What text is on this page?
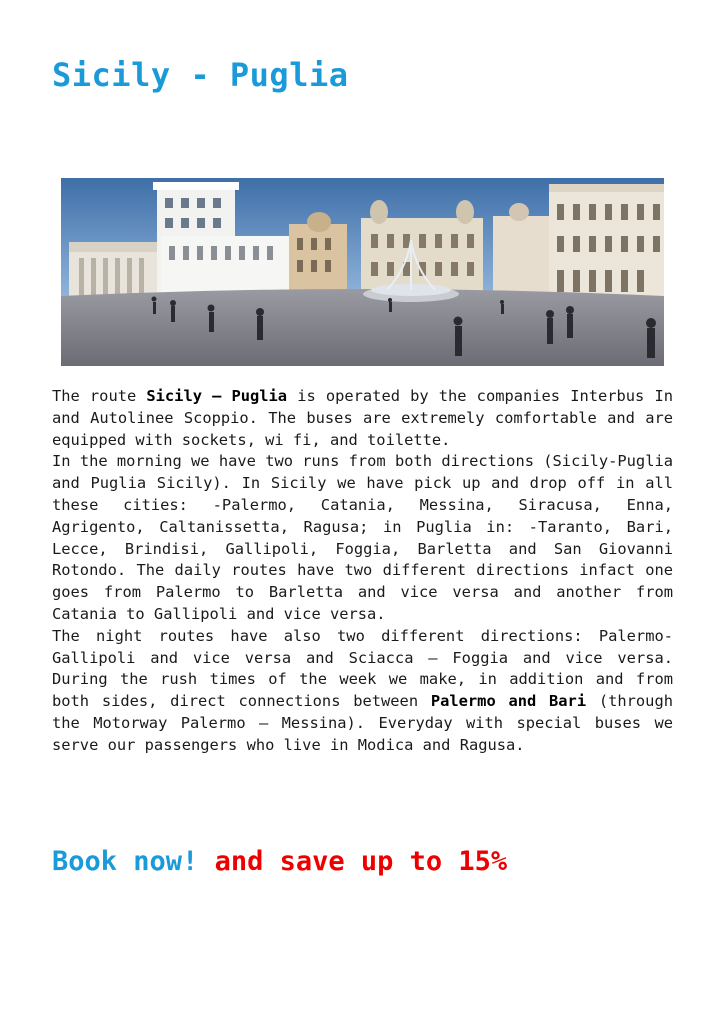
Sicily - Puglia

The route Sicily – Puglia is operated by the companies Interbus In and Autolinee Scoppio. The buses are extremely comfortable and are equipped with sockets, wi fi, and toilette.

In the morning we have two runs from both directions (Sicily-Puglia and Puglia Sicily). In Sicily we have pick up and drop off in all these cities: -Palermo, Catania, Messina, Siracusa, Enna, Agrigento, Caltanissetta, Ragusa; in Puglia in: -Taranto, Bari, Lecce, Brindisi, Gallipoli, Foggia, Barletta and San Giovanni Rotondo. The daily routes have two different directions infact one goes from Palermo to Barletta and vice versa and another from Catania to Gallipoli and vice versa.

The night routes have also two different directions: Palermo-Gallipoli and vice versa and Sciacca – Foggia and vice versa. During the rush times of the week we make, in addition and from both sides, direct connections between Palermo and Bari (through the Motorway Palermo – Messina). Everyday with special buses we serve our passengers who live in Modica and Ragusa.

Book now! and save up to 15%
